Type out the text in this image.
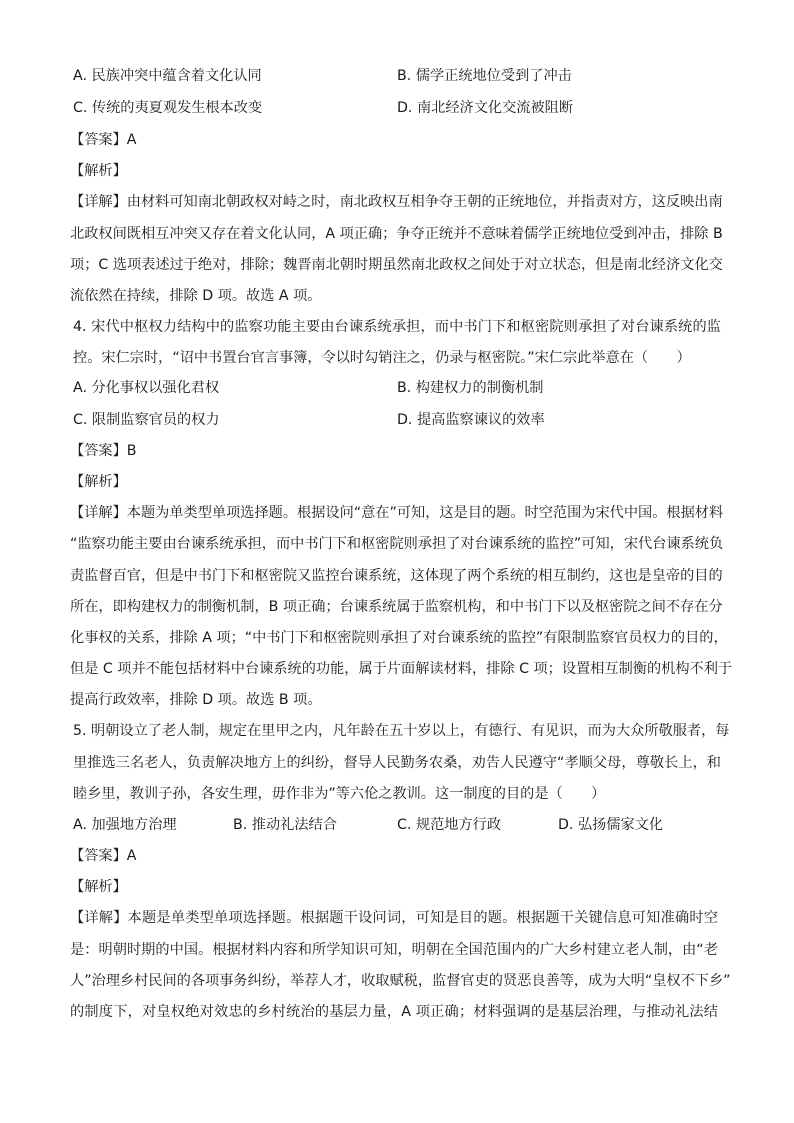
A. 民族冲突中蕴含着文化认同	B. 儒学正统地位受到了冲击
C. 传统的夷夏观发生根本改变	D. 南北经济文化交流被阻断
【答案】A
【解析】
【详解】由材料可知南北朝政权对峙之时，南北政权互相争夺王朝的正统地位，并指责对方，这反映出南
北政权间既相互冲突又存在着文化认同，A 项正确；争夺正统并不意味着儒学正统地位受到冲击，排除 B
项；C 选项表述过于绝对，排除；魏晋南北朝时期虽然南北政权之间处于对立状态，但是南北经济文化交
流依然在持续，排除 D 项。故选 A 项。
4. 宋代中枢权力结构中的监察功能主要由台谏系统承担，而中书门下和枢密院则承担了对台谏系统的监
控。宋仁宗时，“诏中书置台官言事簿，令以时勾销注之，仍录与枢密院。”宋仁宗此举意在（　　）
A. 分化事权以强化君权	B. 构建权力的制衡机制
C. 限制监察官员的权力	D. 提高监察谏议的效率
【答案】B
【解析】
【详解】本题为单类型单项选择题。根据设问“意在”可知，这是目的题。时空范围为宋代中国。根据材料
“监察功能主要由台谏系统承担，而中书门下和枢密院则承担了对台谏系统的监控”可知，宋代台谏系统负
责监督百官，但是中书门下和枢密院又监控台谏系统，这体现了两个系统的相互制约，这也是皇帝的目的
所在，即构建权力的制衡机制，B 项正确；台谏系统属于监察机构，和中书门下以及枢密院之间不存在分
化事权的关系，排除 A 项；“中书门下和枢密院则承担了对台谏系统的监控”有限制监察官员权力的目的，
但是 C 项并不能包括材料中台谏系统的功能，属于片面解读材料，排除 C 项；设置相互制衡的机构不利于
提高行政效率，排除 D 项。故选 B 项。
5. 明朝设立了老人制，规定在里甲之内，凡年龄在五十岁以上，有德行、有见识，而为大众所敬服者，每
里推选三名老人，负责解决地方上的纠纷，督导人民勤务农桑，劝告人民遵守“孝顺父母，尊敬长上，和
睦乡里，教训子孙，各安生理，毋作非为”等六伦之教训。这一制度的目的是（　　）
A. 加强地方治理	B. 推动礼法结合	C. 规范地方行政	D. 弘扬儒家文化
【答案】A
【解析】
【详解】本题是单类型单项选择题。根据题干设问词，可知是目的题。根据题干关键信息可知准确时空
是：明朝时期的中国。根据材料内容和所学知识可知，明朝在全国范围内的广大乡村建立老人制，由“老
人”治理乡村民间的各项事务纠纷，举荐人才，收取赋税，监督官吏的贤恶良善等，成为大明“皇权不下乡”
的制度下，对皇权绝对效忠的乡村统治的基层力量，A 项正确；材料强调的是基层治理，与推动礼法结
